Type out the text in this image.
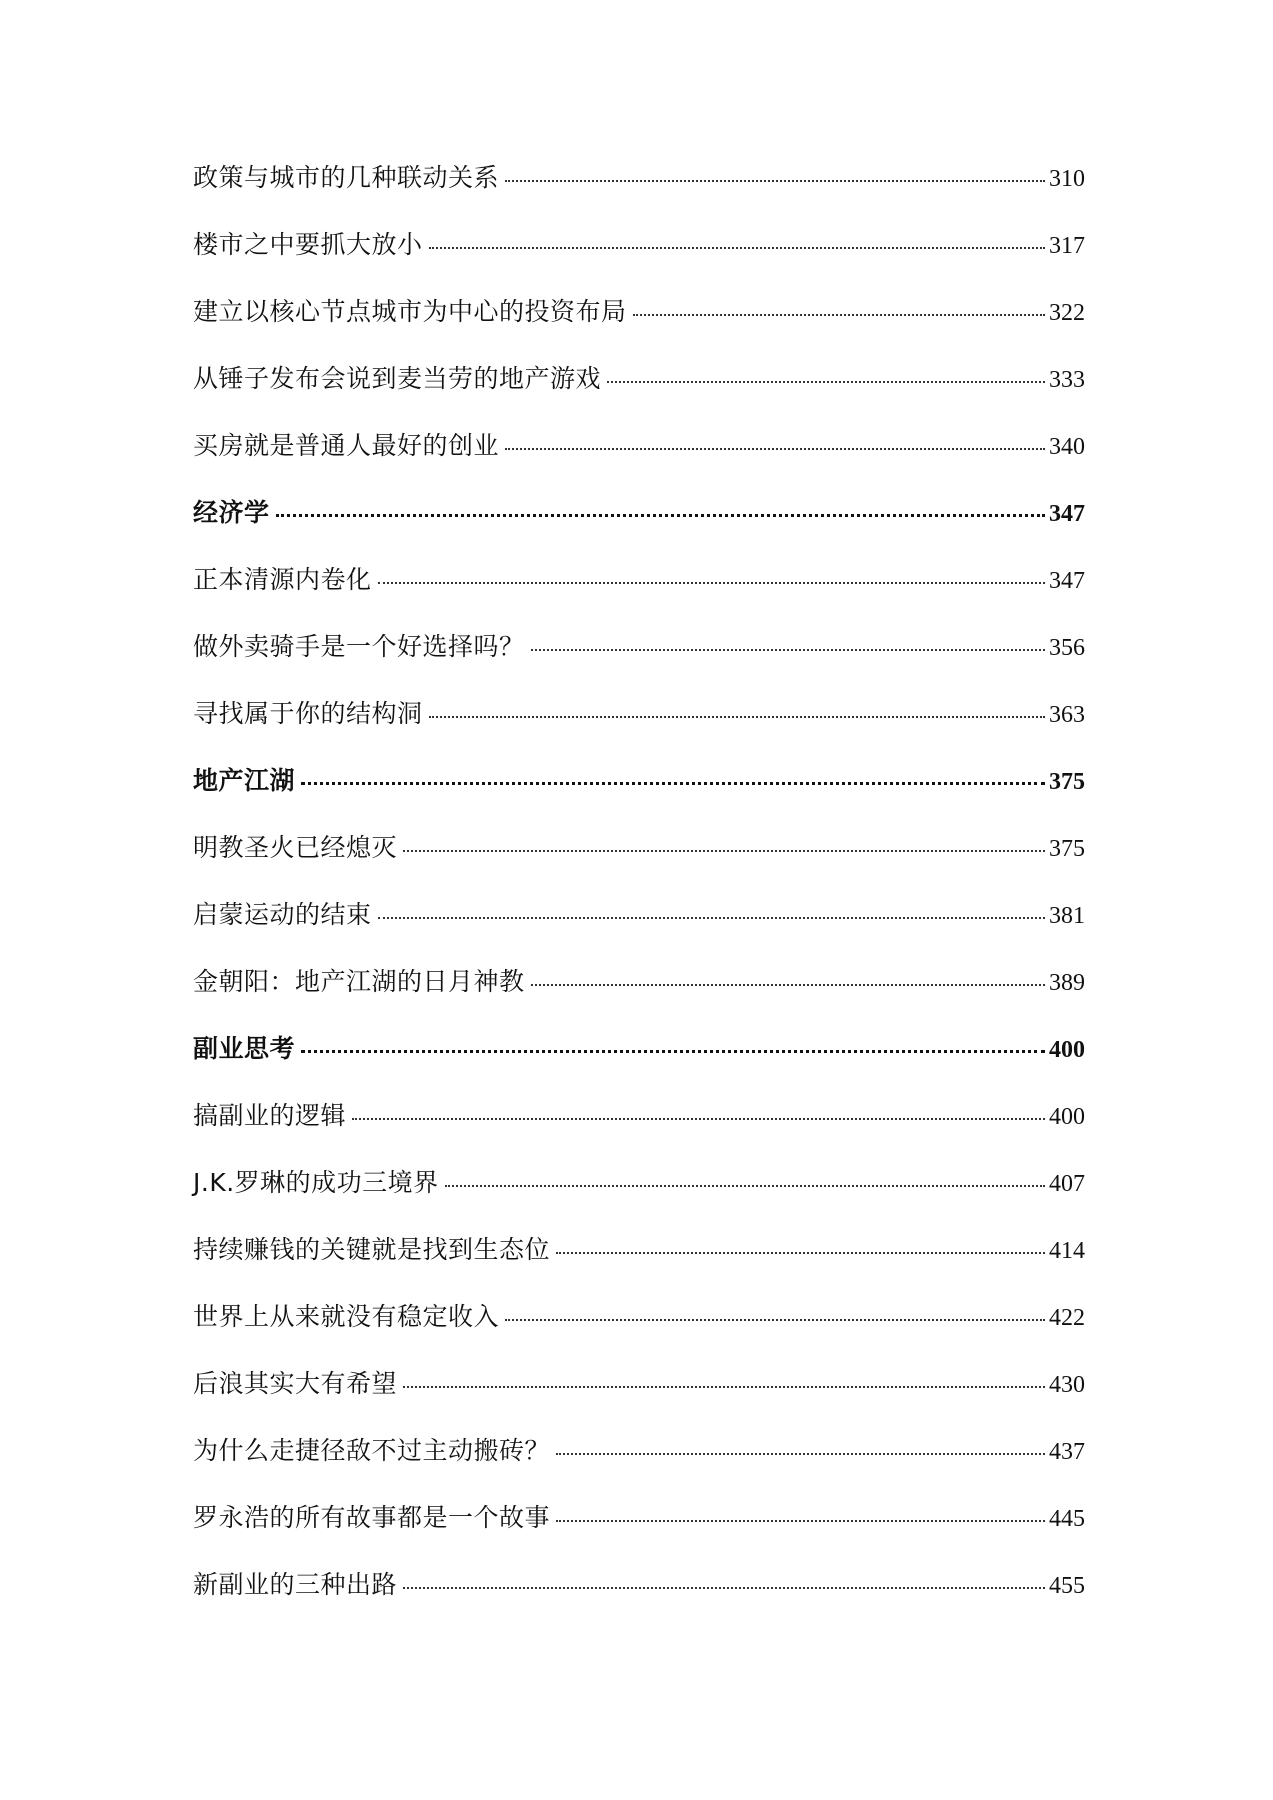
政策与城市的几种联动关系	310
楼市之中要抓大放小	317
建立以核心节点城市为中心的投资布局	322
从锤子发布会说到麦当劳的地产游戏	333
买房就是普通人最好的创业	340
经济学	347
正本清源内卷化	347
做外卖骑手是一个好选择吗？	356
寻找属于你的结构洞	363
地产江湖	375
明教圣火已经熄灭	375
启蒙运动的结束	381
金朝阳：地产江湖的日月神教	389
副业思考	400
搞副业的逻辑	400
J.K.罗琳的成功三境界	407
持续赚钱的关键就是找到生态位	414
世界上从来就没有稳定收入	422
后浪其实大有希望	430
为什么走捷径敌不过主动搬砖？	437
罗永浩的所有故事都是一个故事	445
新副业的三种出路	455
